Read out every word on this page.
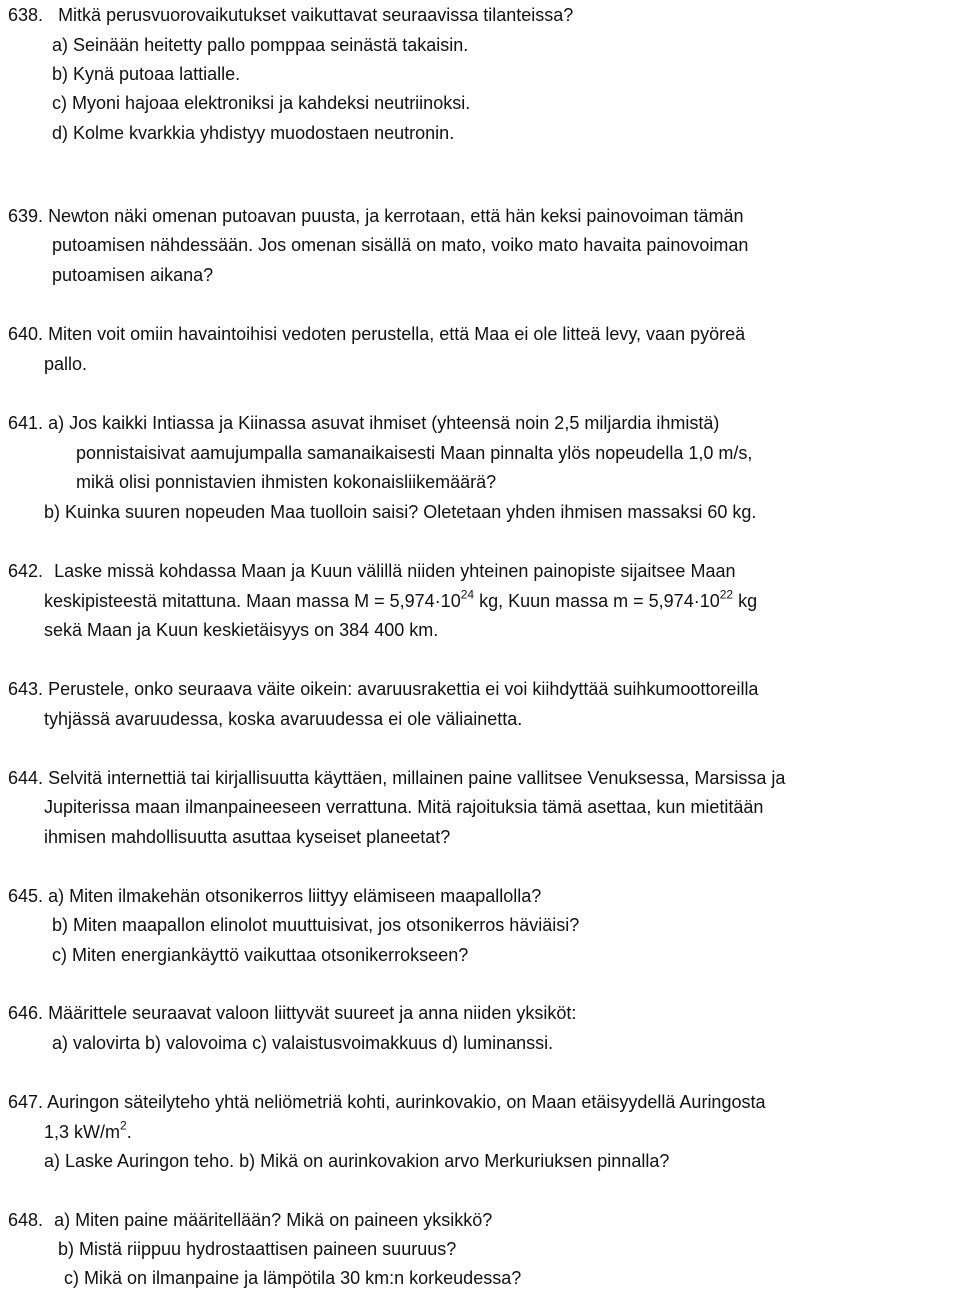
638. Mitkä perusvuorovaikutukset vaikuttavat seuraavissa tilanteissa?
a) Seinään heitetty pallo pomppaa seinästä takaisin.
b) Kynä putoaa lattialle.
c) Myoni hajoaa elektroniksi ja kahdeksi neutriinoksi.
d) Kolme kvarkkia yhdistyy muodostaen neutronin.
639. Newton näki omenan putoavan puusta, ja kerrotaan, että hän keksi painovoiman tämän
putoamisen nähdessään. Jos omenan sisällä on mato, voiko mato havaita painovoiman
putoamisen aikana?
640. Miten voit omiin havaintoihisi vedoten perustella, että Maa ei ole litteä levy, vaan pyöreä
pallo.
641. a) Jos kaikki Intiassa ja Kiinassa asuvat ihmiset (yhteensä noin 2,5 miljardia ihmistä)
ponnistaisivat aamujumpalla samanaikaisesti Maan pinnalta ylös nopeudella 1,0 m/s,
mikä olisi ponnistavien ihmisten kokonaisliikemäärä?
b) Kuinka suuren nopeuden Maa tuolloin saisi? Oletetaan yhden ihmisen massaksi 60 kg.
642. Laske missä kohdassa Maan ja Kuun välillä niiden yhteinen painopiste sijaitsee Maan
keskipisteestä mitattuna. Maan massa $M = 5,974\cdot 10^{24}$ kg, Kuun massa $m = 5,974\cdot 10^{22}$ kg
sekä Maan ja Kuun keskietäisyys on 384 400 km.
643. Perustele, onko seuraava väite oikein: avaruusrakettia ei voi kiihdyttää suihkumoottoreilla
tyhjässä avaruudessa, koska avaruudessa ei ole väliainetta.
644. Selvitä internettiä tai kirjallisuutta käyttäen, millainen paine vallitsee Venuksessa, Marsissa ja
Jupiterissa maan ilmanpaineeseen verrattuna. Mitä rajoituksia tämä asettaa, kun mietitään
ihmisen mahdollisuutta asuttaa kyseiset planeetat?
645. a) Miten ilmakehän otsonikerros liittyy elämiseen maapallolla?
b) Miten maapallon elinolot muuttuisivat, jos otsonikerros häviäisi?
c) Miten energiankäyttö vaikuttaa otsonikerrokseen?
646. Määrittele seuraavat valoon liittyvät suureet ja anna niiden yksiköt:
a) valovirta b) valovoima c) valaistusvoimakkuus d) luminanssi.
647. Auringon säteilyteho yhtä neliömetriä kohti, aurinkovakio, on Maan etäisyydellä Auringosta
1,3 $kW/m^2$.
a) Laske Auringon teho. b) Mikä on aurinkovakion arvo Merkuriuksen pinnalla?
648. a) Miten paine määritellään? Mikä on paineen yksikkö?
b) Mistä riippuu hydrostaattisen paineen suuruus?
c) Mikä on ilmanpaine ja lämpötila 30 km:n korkeudessa?
